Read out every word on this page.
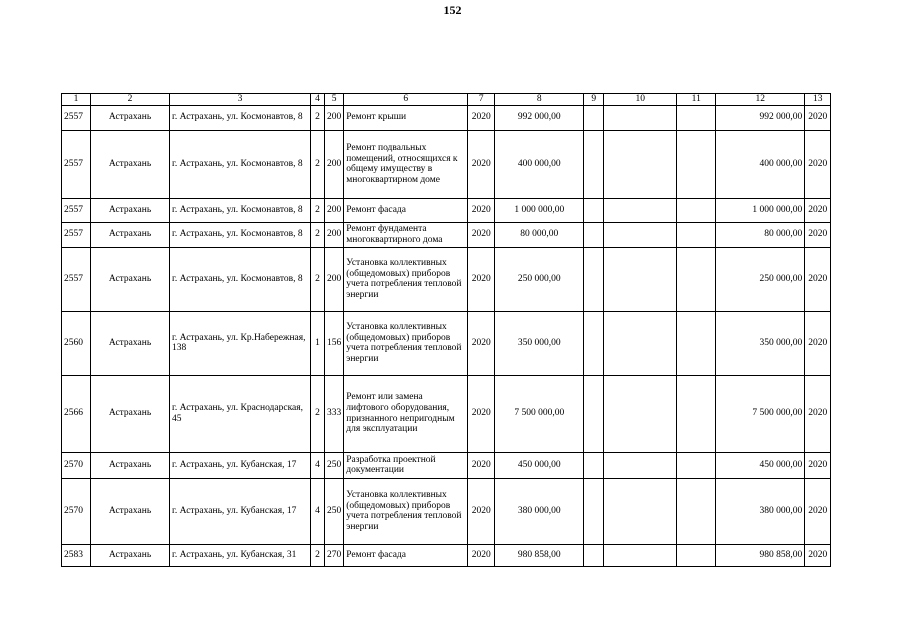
152
1	2	3	4	5	6	7	8	9	10	11	12	13
2557	Астрахань	г. Астрахань, ул. Космонавтов, 8	2	200	Ремонт крыши	2020	992 000,00				992 000,00	2020
2557	Астрахань	г. Астрахань, ул. Космонавтов, 8	2	200	Ремонт подвальных помещений, относящихся к общему имуществу в многоквартирном доме	2020	400 000,00				400 000,00	2020
2557	Астрахань	г. Астрахань, ул. Космонавтов, 8	2	200	Ремонт фасада	2020	1 000 000,00				1 000 000,00	2020
2557	Астрахань	г. Астрахань, ул. Космонавтов, 8	2	200	Ремонт фундамента многоквартирного дома	2020	80 000,00				80 000,00	2020
2557	Астрахань	г. Астрахань, ул. Космонавтов, 8	2	200	Установка коллективных (общедомовых) приборов учета потребления тепловой энергии	2020	250 000,00				250 000,00	2020
2560	Астрахань	г. Астрахань, ул. Кр.Набережная, 138	1	156	Установка коллективных (общедомовых) приборов учета потребления тепловой энергии	2020	350 000,00				350 000,00	2020
2566	Астрахань	г. Астрахань, ул. Краснодарская, 45	2	333	Ремонт или замена лифтового оборудования, признанного непригодным для эксплуатации	2020	7 500 000,00				7 500 000,00	2020
2570	Астрахань	г. Астрахань, ул. Кубанская, 17	4	250	Разработка проектной документации	2020	450 000,00				450 000,00	2020
2570	Астрахань	г. Астрахань, ул. Кубанская, 17	4	250	Установка коллективных (общедомовых) приборов учета потребления тепловой энергии	2020	380 000,00				380 000,00	2020
2583	Астрахань	г. Астрахань, ул. Кубанская, 31	2	270	Ремонт фасада	2020	980 858,00				980 858,00	2020
